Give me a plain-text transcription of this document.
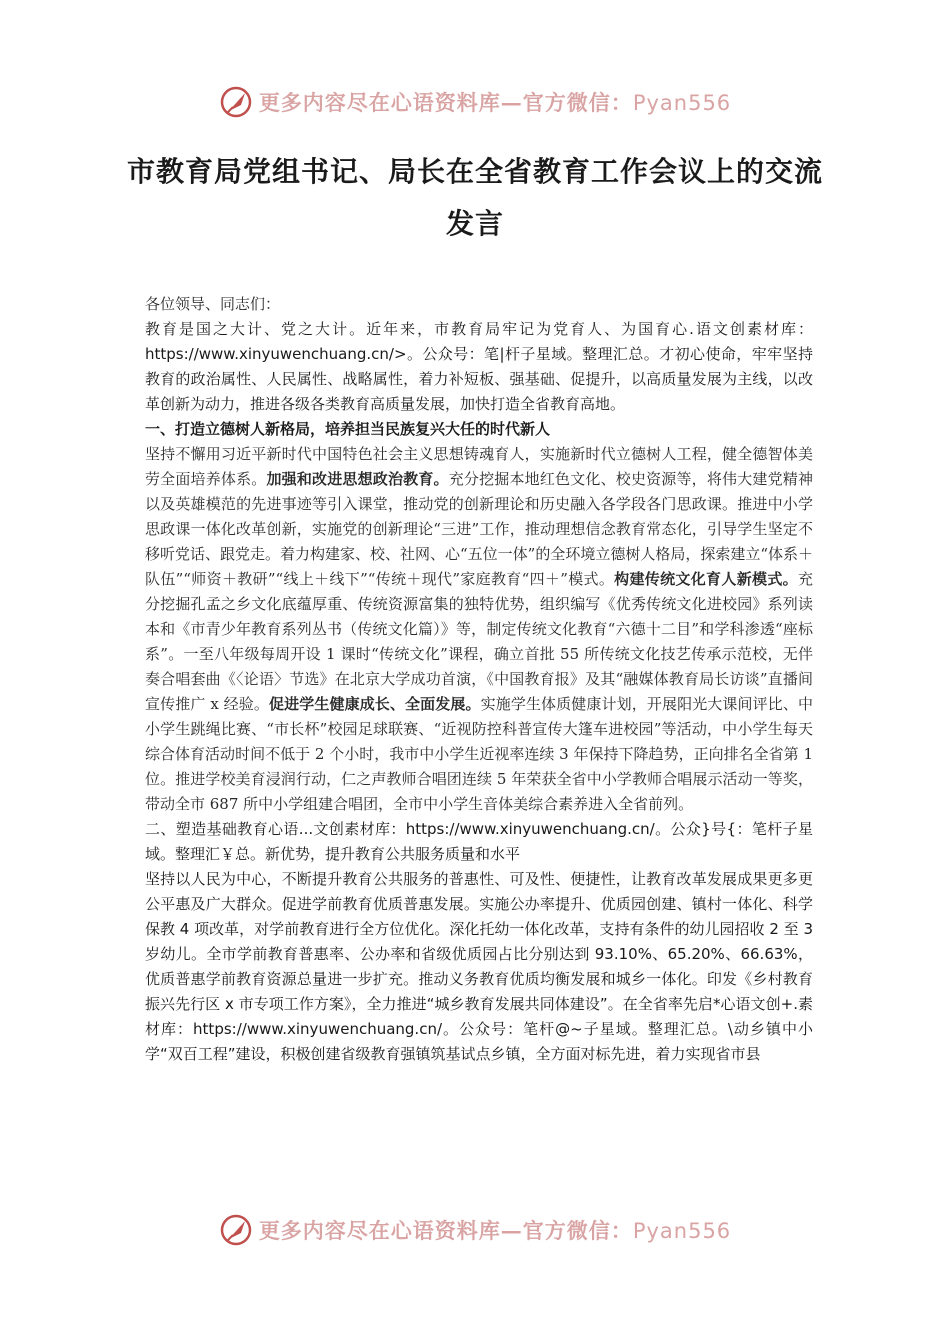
更多内容尽在心语资料库—官方微信：Pyan556
市教育局党组书记、局长在全省教育工作会议上的交流发言

各位领导、同志们：

教育是国之大计、党之大计。近年来，市教育局牢记为党育人、为国育心.语文创素材库：https://www.xinyuwenchuang.cn/>。公众号：笔|杆子星域。整理汇总。才初心使命，牢牢坚持教育的政治属性、人民属性、战略属性，着力补短板、强基础、促提升，以高质量发展为主线，以改革创新为动力，推进各级各类教育高质量发展，加快打造全省教育高地。

一、打造立德树人新格局，培养担当民族复兴大任的时代新人

坚持不懈用习近平新时代中国特色社会主义思想铸魂育人，实施新时代立德树人工程，健全德智体美劳全面培养体系。加强和改进思想政治教育。充分挖掘本地红色文化、校史资源等，将伟大建党精神以及英雄模范的先进事迹等引入课堂，推动党的创新理论和历史融入各学段各门思政课。推进中小学思政课一体化改革创新，实施党的创新理论“三进”工作，推动理想信念教育常态化，引导学生坚定不移听党话、跟党走。着力构建家、校、社网、心“五位一体”的全环境立德树人格局，探索建立“体系＋队伍”“师资＋教研”“线上＋线下”“传统＋现代”家庭教育“四＋”模式。构建传统文化育人新模式。充分挖掘孔孟之乡文化底蕴厚重、传统资源富集的独特优势，组织编写《优秀传统文化进校园》系列读本和《市青少年教育系列丛书（传统文化篇）》等，制定传统文化教育“六德十二目”和学科渗透“座标系”。一至八年级每周开设 1 课时“传统文化”课程，确立首批 55 所传统文化技艺传承示范校，无伴奏合唱套曲《〈论语〉节选》在北京大学成功首演，《中国教育报》及其“融媒体教育局长访谈”直播间宣传推广 x 经验。促进学生健康成长、全面发展。实施学生体质健康计划，开展阳光大课间评比、中小学生跳绳比赛、“市长杯”校园足球联赛、“近视防控科普宣传大篷车进校园”等活动，中小学生每天综合体育活动时间不低于 2 个小时，我市中小学生近视率连续 3 年保持下降趋势，正向排名全省第 1 位。推进学校美育浸润行动，仁之声教师合唱团连续 5 年荣获全省中小学教师合唱展示活动一等奖，带动全市 687 所中小学组建合唱团，全市中小学生音体美综合素养进入全省前列。

二、塑造基础教育心语...文创素材库：https://www.xinyuwenchuang.cn/。公众}号{：笔杆子星域。整理汇￥总。新优势，提升教育公共服务质量和水平

坚持以人民为中心，不断提升教育公共服务的普惠性、可及性、便捷性，让教育改革发展成果更多更公平惠及广大群众。促进学前教育优质普惠发展。实施公办率提升、优质园创建、镇村一体化、科学保教 4 项改革，对学前教育进行全方位优化。深化托幼一体化改革，支持有条件的幼儿园招收 2 至 3 岁幼儿。全市学前教育普惠率、公办率和省级优质园占比分别达到 93.10%、65.20%、66.63%，优质普惠学前教育资源总量进一步扩充。推动义务教育优质均衡发展和城乡一体化。印发《乡村教育振兴先行区 x 市专项工作方案》，全力推进“城乡教育发展共同体建设”。在全省率先启*心语文创+.素材库：https://www.xinyuwenchuang.cn/。公众号：笔杆@~子星域。整理汇总。\动乡镇中小学“双百工程”建设，积极创建省级教育强镇筑基试点乡镇，全方面对标先进，着力实现省市县

更多内容尽在心语资料库—官方微信：Pyan556
